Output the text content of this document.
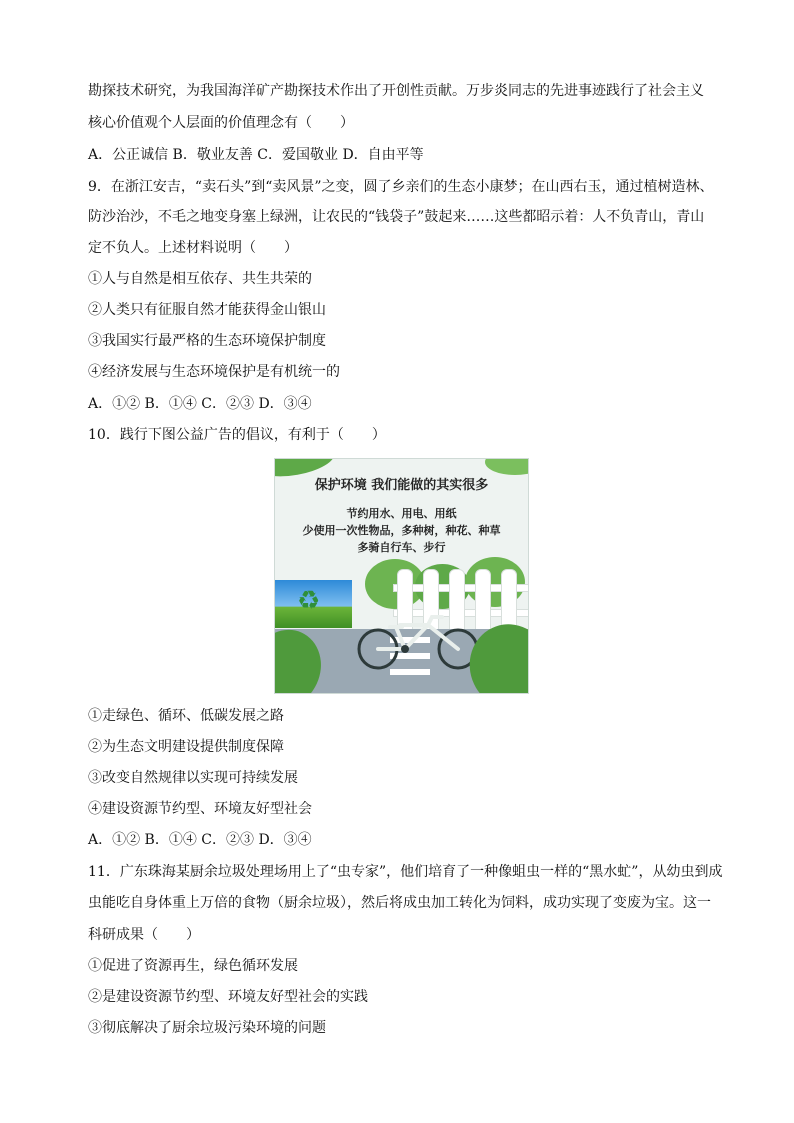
勘探技术研究，为我国海洋矿产勘探技术作出了开创性贡献。万步炎同志的先进事迹践行了社会主义
核心价值观个人层面的价值理念有（　　）
A．公正诚信 B．敬业友善 C．爱国敬业 D．自由平等
9．在浙江安吉，“卖石头”到“卖风景”之变，圆了乡亲们的生态小康梦；在山西右玉，通过植树造林、
防沙治沙，不毛之地变身塞上绿洲，让农民的“钱袋子”鼓起来……这些都昭示着：人不负青山，青山
定不负人。上述材料说明（　　）
①人与自然是相互依存、共生共荣的
②人类只有征服自然才能获得金山银山
③我国实行最严格的生态环境保护制度
④经济发展与生态环境保护是有机统一的
A．①② B．①④ C．②③ D．③④
10．践行下图公益广告的倡议，有利于（　　）
保护环境 我们能做的其实很多
节约用水、用电、用纸
少使用一次性物品，多种树，种花、种草
多骑自行车、步行
♻
①走绿色、循环、低碳发展之路
②为生态文明建设提供制度保障
③改变自然规律以实现可持续发展
④建设资源节约型、环境友好型社会
A．①② B．①④ C．②③ D．③④
11．广东珠海某厨余垃圾处理场用上了“虫专家”，他们培育了一种像蛆虫一样的“黑水虻”，从幼虫到成
虫能吃自身体重上万倍的食物（厨余垃圾），然后将成虫加工转化为饲料，成功实现了变废为宝。这一
科研成果（　　）
①促进了资源再生，绿色循环发展
②是建设资源节约型、环境友好型社会的实践
③彻底解决了厨余垃圾污染环境的问题
